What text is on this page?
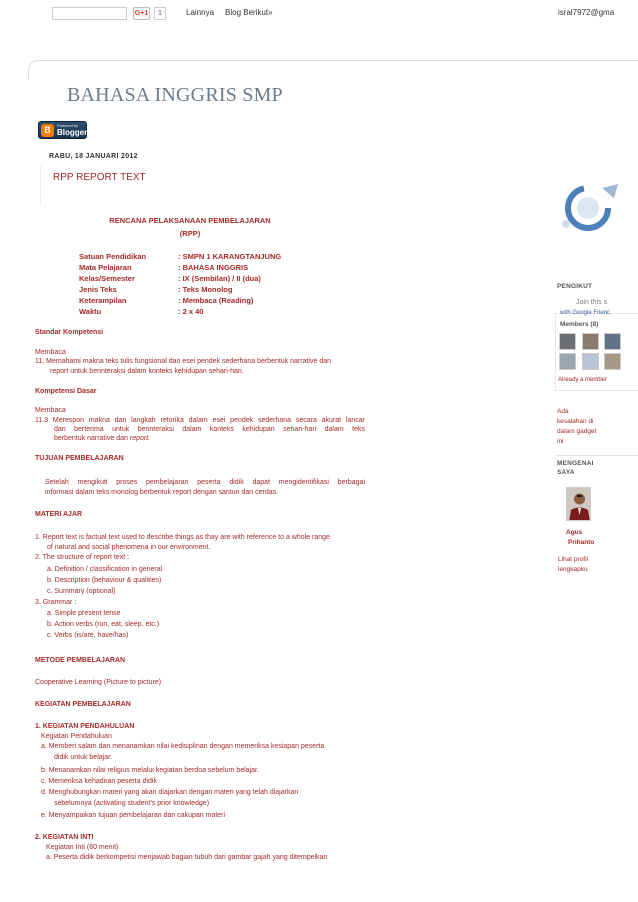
G+1	1	Lainnya Blog Berikut»	isral7972@gma
BAHASA INGGRIS SMP
B	Powered by
Blogger
RABU, 18 JANUARI 2012
RPP REPORT TEXT
RENCANA PELAKSANAAN PEMBELAJARAN
(RPP)
Satuan Pendidikan	: SMPN 1 KARANGTANJUNG
Mata Pelajaran	: BAHASA INGGRIS
Kelas/Semester	: IX (Sembilan) / II (dua)
Jenis Teks	: Teks Monolog
Keterampilan	: Membaca (Reading)
Waktu	: 2 x 40
Standar Kompetensi
Membaca
11. Memahami makna teks tulis fungsional dan esei pendek sederhana berbentuk narrative dan
report untuk berinteraksi dalam konteks kehidupan sehari-hari.
Kompetensi Dasar
Membaca
11.3 Merespon makna dan langkah retorika dalam esei pendek sederhana secara akurat lancar
dan berterima untuk berinteraksi dalam konteks kehidupan sehari-hari dalam teks
berbentuk narrative dan report.
TUJUAN PEMBELAJARAN
Setelah mengikuti proses pembelajaran peserta didik dapat mengidentifikasi berbagai
informasi dalam teks monolog berbentuk report dengan santun dan cerdas.
MATERI AJAR
1. Report text is factual text used to describe things as thay are with reference to a whole range
of natural and social phenomena in our environment.
2. The structure of report text :
a. Definition / classification in general
b. Description (behaviour & qualities)
c. Summary (optional)
3. Grammar :
a. Simple present tense
b. Action verbs (run, eat, sleep, etc.)
c. Verbs (is/are, have/has)
METODE PEMBELAJARAN
Cooperative Learning (Picture to picture)
KEGIATAN PEMBELAJARAN
1. KEGIATAN PENDAHULUAN
Kegiatan Pendahuluan
a. Memberi salam dan menanamkan nilai kedisiplinan dengan memeriksa kesiapan peserta
didik untuk belajar.
b. Menanamkan nilai religius melalui kegiatan berdoa sebelum belajar.
c. Memeriksa kehadiran peserta didik
d. Menghubungkan materi yang akan diajarkan dengan materi yang telah diajarkan
sebelumnya (activating student's prior knowledge)
e. Menyampaikan tujuan pembelajaran dan cakupan materi
2. KEGIATAN INTI
Kegiatan Inti (60 menit)
a. Peserta didik berkompetisi menjawab bagian tubuh dari gambar gajah yang ditempelkan
PENGIKUT
Join this s
with Google Frienc
Members (8)
Already a member
Ada
kesalahan di
dalam gadget
ini
MENGENAI
SAYA
Agus
Prihanto
Lihat profil
lengkapku
